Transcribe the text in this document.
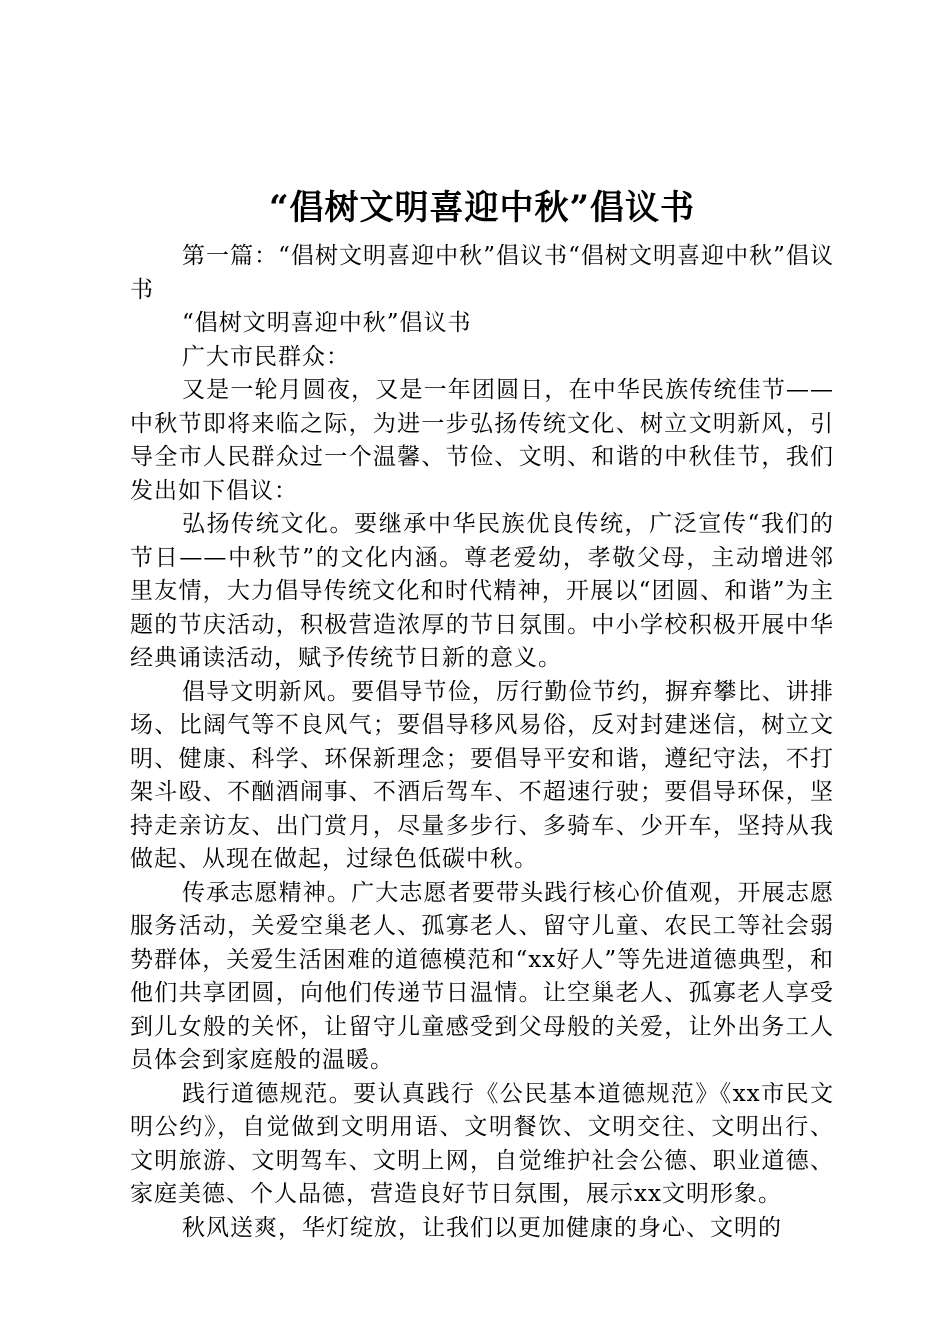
“倡树文明喜迎中秋”倡议书

第一篇：“倡树文明喜迎中秋”倡议书“倡树文明喜迎中秋”倡议书

“倡树文明喜迎中秋”倡议书

广大市民群众：

又是一轮月圆夜，又是一年团圆日，在中华民族传统佳节——中秋节即将来临之际，为进一步弘扬传统文化、树立文明新风，引导全市人民群众过一个温馨、节俭、文明、和谐的中秋佳节，我们发出如下倡议：

弘扬传统文化。要继承中华民族优良传统，广泛宣传“我们的节日——中秋节”的文化内涵。尊老爱幼，孝敬父母，主动增进邻里友情，大力倡导传统文化和时代精神，开展以“团圆、和谐”为主题的节庆活动，积极营造浓厚的节日氛围。中小学校积极开展中华经典诵读活动，赋予传统节日新的意义。

倡导文明新风。要倡导节俭，厉行勤俭节约，摒弃攀比、讲排场、比阔气等不良风气；要倡导移风易俗，反对封建迷信，树立文明、健康、科学、环保新理念；要倡导平安和谐，遵纪守法，不打架斗殴、不酗酒闹事、不酒后驾车、不超速行驶；要倡导环保，坚持走亲访友、出门赏月，尽量多步行、多骑车、少开车，坚持从我做起、从现在做起，过绿色低碳中秋。

传承志愿精神。广大志愿者要带头践行核心价值观，开展志愿服务活动，关爱空巢老人、孤寡老人、留守儿童、农民工等社会弱势群体，关爱生活困难的道德模范和“xx好人”等先进道德典型，和他们共享团圆，向他们传递节日温情。让空巢老人、孤寡老人享受到儿女般的关怀，让留守儿童感受到父母般的关爱，让外出务工人员体会到家庭般的温暖。

践行道德规范。要认真践行《公民基本道德规范》《xx市民文明公约》，自觉做到文明用语、文明餐饮、文明交往、文明出行、文明旅游、文明驾车、文明上网，自觉维护社会公德、职业道德、家庭美德、个人品德，营造良好节日氛围，展示xx文明形象。

秋风送爽，华灯绽放，让我们以更加健康的身心、文明的
